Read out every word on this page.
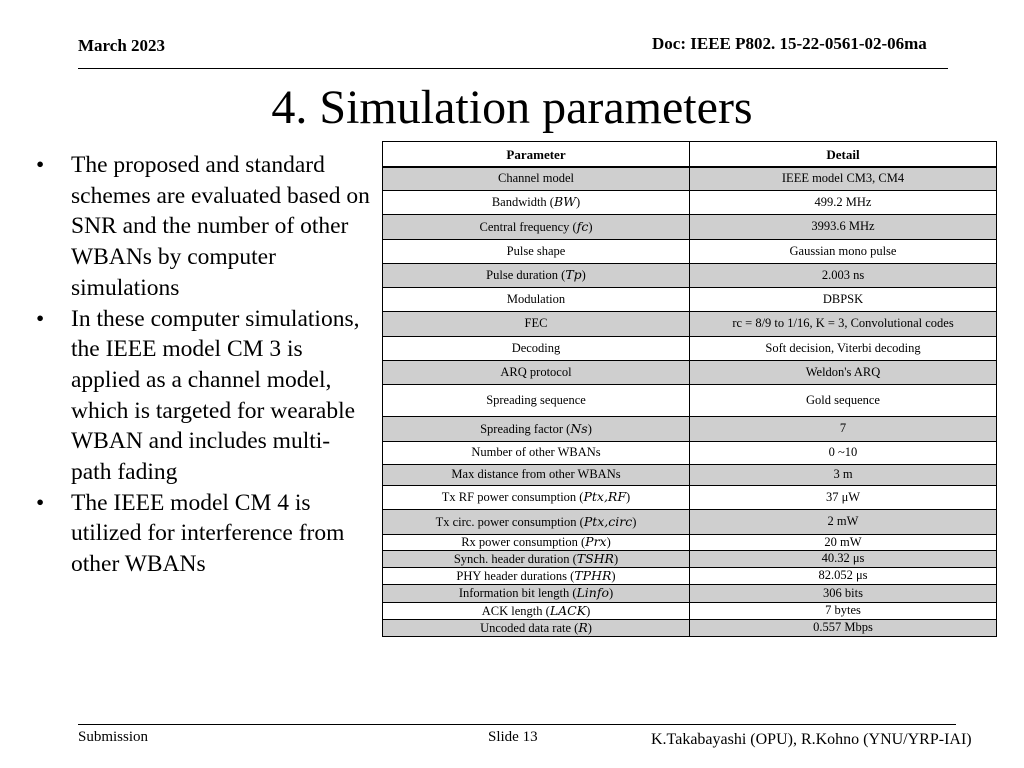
March 2023	Doc: IEEE P802. 15-22-0561-02-06ma
4. Simulation parameters
• The proposed and standard schemes are evaluated based on SNR and the number of other WBANs by computer simulations
• In these computer simulations, the IEEE model CM 3 is applied as a channel model, which is targeted for wearable WBAN and includes multi-path fading
• The IEEE model CM 4 is utilized for interference from other WBANs
Parameter	Detail
Channel model	IEEE model CM3, CM4
Bandwidth (BW)	499.2 MHz
Central frequency (fc)	3993.6 MHz
Pulse shape	Gaussian mono pulse
Pulse duration (Tp)	2.003 ns
Modulation	DBPSK
FEC	rc = 8/9 to 1/16, K = 3, Convolutional codes
Decoding	Soft decision, Viterbi decoding
ARQ protocol	Weldon's ARQ
Spreading sequence	Gold sequence
Spreading factor (Ns)	7
Number of other WBANs	0 ~10
Max distance from other WBANs	3 m
Tx RF power consumption (Ptx,RF)	37 μW
Tx circ. power consumption (Ptx,circ)	2 mW
Rx power consumption (Prx)	20 mW
Synch. header duration (TSHR)	40.32 μs
PHY header durations (TPHR)	82.052 μs
Information bit length (Linfo)	306 bits
ACK length (LACK)	7 bytes
Uncoded data rate (R)	0.557 Mbps
Submission	Slide 13	K.Takabayashi (OPU), R.Kohno (YNU/YRP-IAI)
